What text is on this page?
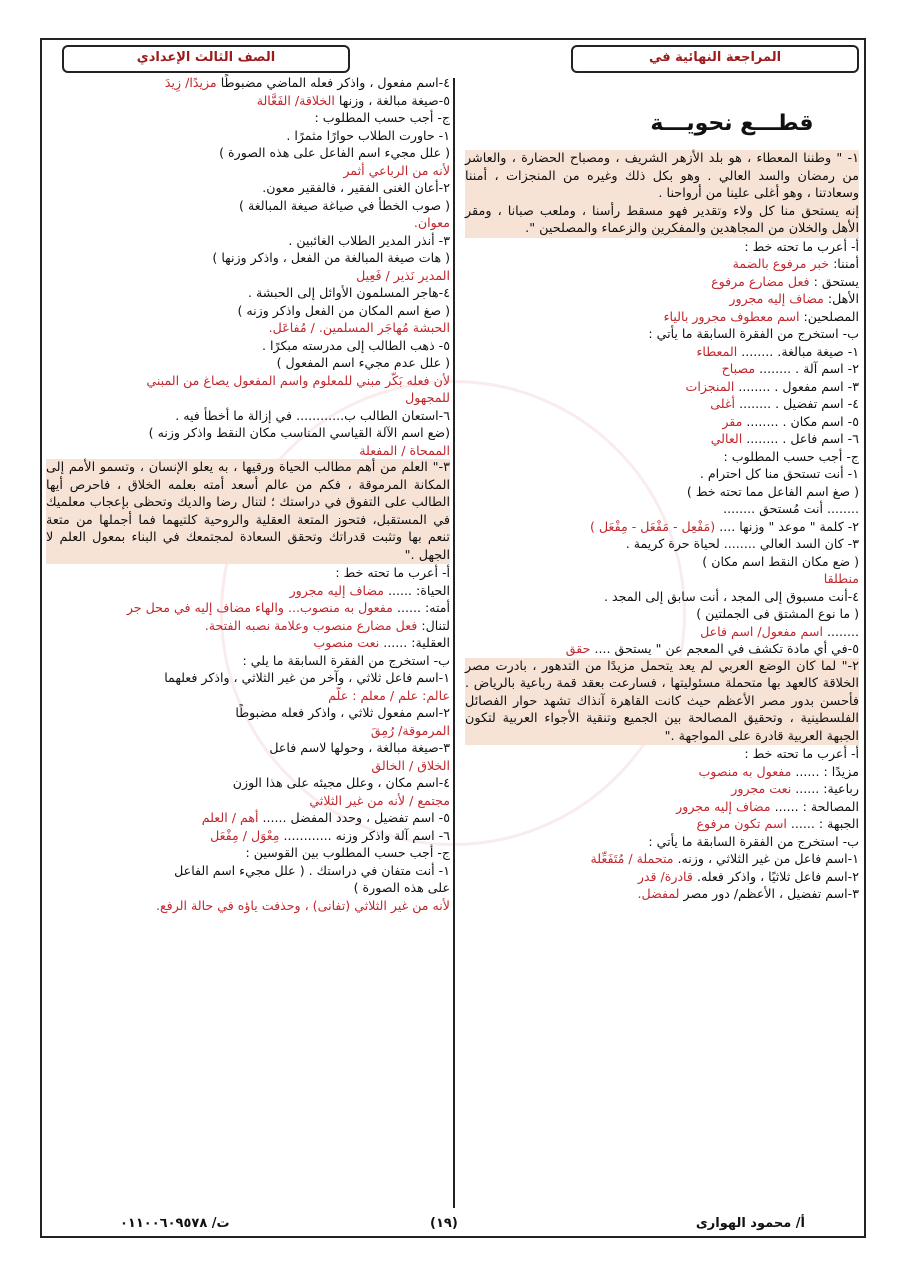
المراجعة النهائية في
الصف الثالث الإعدادي
قطـــع نحويـــة
١- " وطننا المعطاء ، هو بلد الأزهر الشريف ، ومصباح الحضارة ، والعاشر من رمضان والسد العالي . وهو بكل ذلك وغيره من المنجزات ، أمننا وسعادتنا ، وهو أغلى علينا من أرواحنا .
إنه يستحق منا كل ولاء وتقدير فهو مسقط رأسنا ، وملعب صبانا ، ومقر الأهل والخلان من المجاهدين والمفكرين والزعماء والمصلحين ".
أ- أعرب ما تحته خط :
أمننا: خبر مرفوع بالضمة
يستحق : فعل مضارع مرفوع
الأهل: مضاف إليه مجرور
المصلحين: اسم معطوف مجرور بالياء
ب- استخرج من الفقرة السابقة ما يأتي :
١- صيغة مبالغة. ........ المعطاء
٢- اسم آلة . ........ مصباح
٣- اسم مفعول . ........ المنجزات
٤- اسم تفضيل . ........ أغلى
٥- اسم مكان . ........ مقر
٦- اسم فاعل . ........ العالي
ج- أجب حسب المطلوب :
١- أنت تستحق منا كل احترام .
( صغ اسم الفاعل مما تحته خط )
........ أنت مُستحق ........
٢- كلمة " موعد " وزنها .... (مَفْعِل - مَفْعَل - مِفْعَل )
٣- كان السد العالي ........ لحياة حرة كريمة .
( ضع مكان النقط اسم مكان )
منطلقا
٤-أنت مسبوق إلى المجد ، أنت سابق إلى المجد .
( ما نوع المشتق فى الجملتين )
........ اسم مفعول/ اسم فاعل
٥-في أي مادة تكشف في المعجم عن " يستحق .... حقق
٢-" لما كان الوضع العربي لم يعد يتحمل مزيدًا من التدهور ، بادرت مصر الخلاقة كالعهد بها متحملة مسئوليتها ، فسارعت بعقد قمة رباعية بالرياض . فأحسن بدور مصر الأعظم حيث كانت القاهرة آنذاك تشهد حوار الفصائل الفلسطينية ، وتحقيق المصالحة بين الجميع وتنقية الأجواء العربية لتكون الجبهة العربية قادرة على المواجهة ."
أ- أعرب ما تحته خط :
مزيدًا : ...... مفعول به منصوب
رباعية: ...... نعت مجرور
المصالحة : ...... مضاف إليه مجرور
الجبهة : ...... اسم تكون مرفوع
ب- استخرج من الفقرة السابقة ما يأتي :
١-اسم فاعل من غير الثلاثي ، وزنه. متحملة / مُتَفَعِّلة
٢-اسم فاعل ثلاثيًا ، واذكر فعله. قادرة/ قدر
٣-اسم تفضيل ، الأعظم/ دور مصر لمفضل.
٤-اسم مفعول ، واذكر فعله الماضي مضبوطًا مزيدًا/ زِيدَ
٥-صيغة مبالغة ، وزنها الخلاقة/ الفَعَّالة
ج- أجب حسب المطلوب :
١- حاورت الطلاب حوارًا مثمرًا .
( علل مجيء اسم الفاعل على هذه الصورة )
لأنه من الرباعي أثمر
٢-أعان الغنى الفقير ، فالفقير معون.
( صوب الخطأ في صياغة صيغة المبالغة )
معوان.
٣- أنذر المدير الطلاب الغائبين .
( هات صيغة المبالغة من الفعل ، واذكر وزنها )
المدير نَذير / فَعِيل
٤-هاجر المسلمون الأوائل إلى الحبشة .
( صغ اسم المكان من الفعل واذكر وزنه )
الحبشة مُهاجَر المسلمين. / مُفاعَل.
٥- ذهب الطالب إلى مدرسته مبكرًا .
( علل عدم مجيء اسم المفعول )
لأن فعله بَكَّر مبني للمعلوم واسم المفعول يصاغ من المبني
للمجهول
٦-استعان الطالب ب............ في إزالة ما أخطأ فيه .
(ضع اسم الآلة القياسي المناسب مكان النقط واذكر وزنه )
الممحاة / المفعلة
٣-" العلم من أهم مطالب الحياة ورقيها ، به يعلو الإنسان ، وتسمو الأمم إلى المكانة المرموقة ، فكم من عالم أسعد أمته بعلمه الخلاق ، فاحرص أيها الطالب على التفوق في دراستك ؛ لتنال رضا والديك وتحظى بإعجاب معلميك في المستقبل، فتحوز المتعة العقلية والروحية كلتيهما فما أجملها من متعة تنعم بها وتثبت قدراتك وتحقق السعادة لمجتمعك في البناء بمعول العلم لا الجهل ."
أ- أعرب ما تحته خط :
الحياة: ...... مضاف إليه مجرور
أمته: ...... مفعول به منصوب... والهاء مضاف إليه في محل جر
لتنال: فعل مضارع منصوب وعلامة نصبه الفتحة.
العقلية: ...... نعت منصوب
ب- استخرج من الفقرة السابقة ما يلي :
١-اسم فاعل ثلاثي ، وآخر من غير الثلاثي ، واذكر فعلهما
عالم: علم / معلم : علّم
٢-اسم مفعول ثلاثي ، واذكر فعله مضبوطًا
المرموقة/ رُمِقَ
٣-صيغة مبالغة ، وحولها لاسم فاعل
الخلاق / الخالق
٤-اسم مكان ، وعلل مجيئه على هذا الوزن
مجتمع / لأنه من غير الثلاثي
٥- اسم تفضيل ، وحدد المفضل ...... أهم / العلم
٦- اسم آلة واذكر وزنه ............ مِعْوَل / مِفْعَل
ج- أجب حسب المطلوب بين القوسين :
١- أنت متفان في دراستك . ( علل مجيء اسم الفاعل
على هذه الصورة )
لأنه من غير الثلاثي (تفانى) ، وحذفت ياؤه في حالة الرفع.
أ/ محمود الهوارى
(١٩)
ت/ ٠١١٠٠٦٠٩٥٧٨
